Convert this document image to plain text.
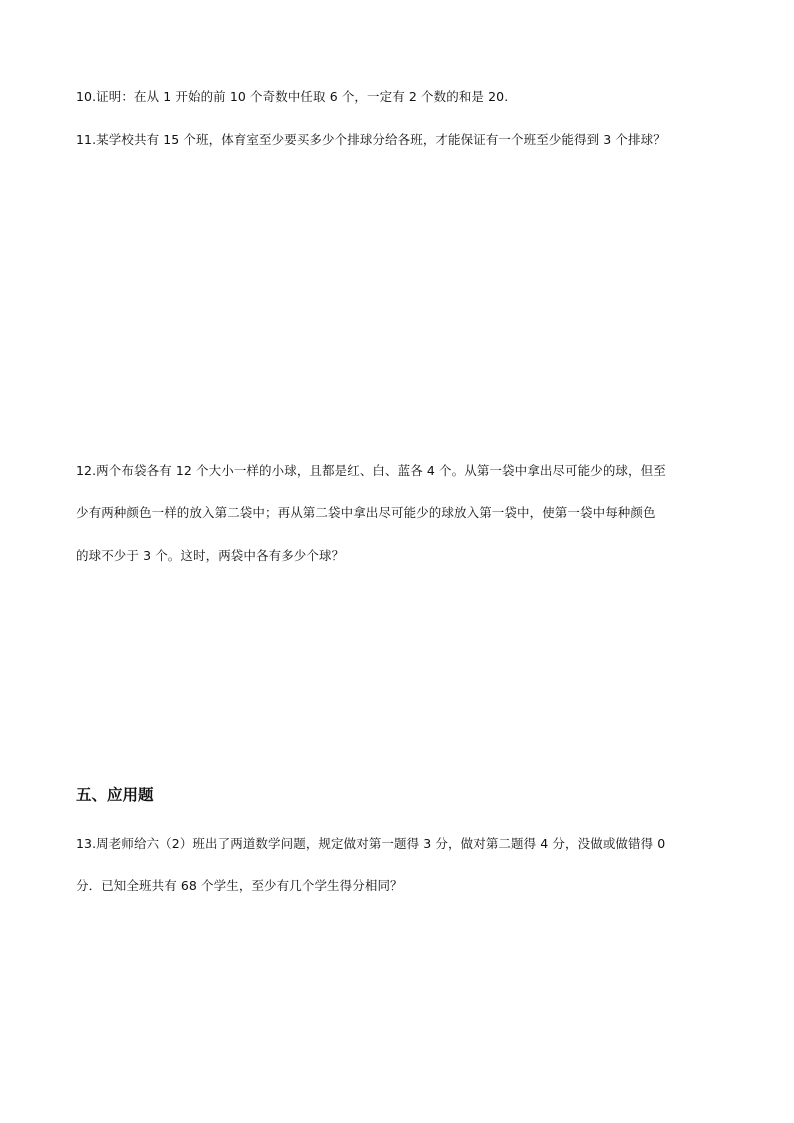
10.证明：在从 1 开始的前 10 个奇数中任取 6 个，一定有 2 个数的和是 20.
11.某学校共有 15 个班，体育室至少要买多少个排球分给各班，才能保证有一个班至少能得到 3 个排球？
12.两个布袋各有 12 个大小一样的小球，且都是红、白、蓝各 4 个。从第一袋中拿出尽可能少的球，但至
少有两种颜色一样的放入第二袋中；再从第二袋中拿出尽可能少的球放入第一袋中，使第一袋中每种颜色
的球不少于 3 个。这时，两袋中各有多少个球？
五、应用题
13.周老师给六（2）班出了两道数学问题，规定做对第一题得 3 分，做对第二题得 4 分，没做或做错得 0
分．已知全班共有 68 个学生，至少有几个学生得分相同？
